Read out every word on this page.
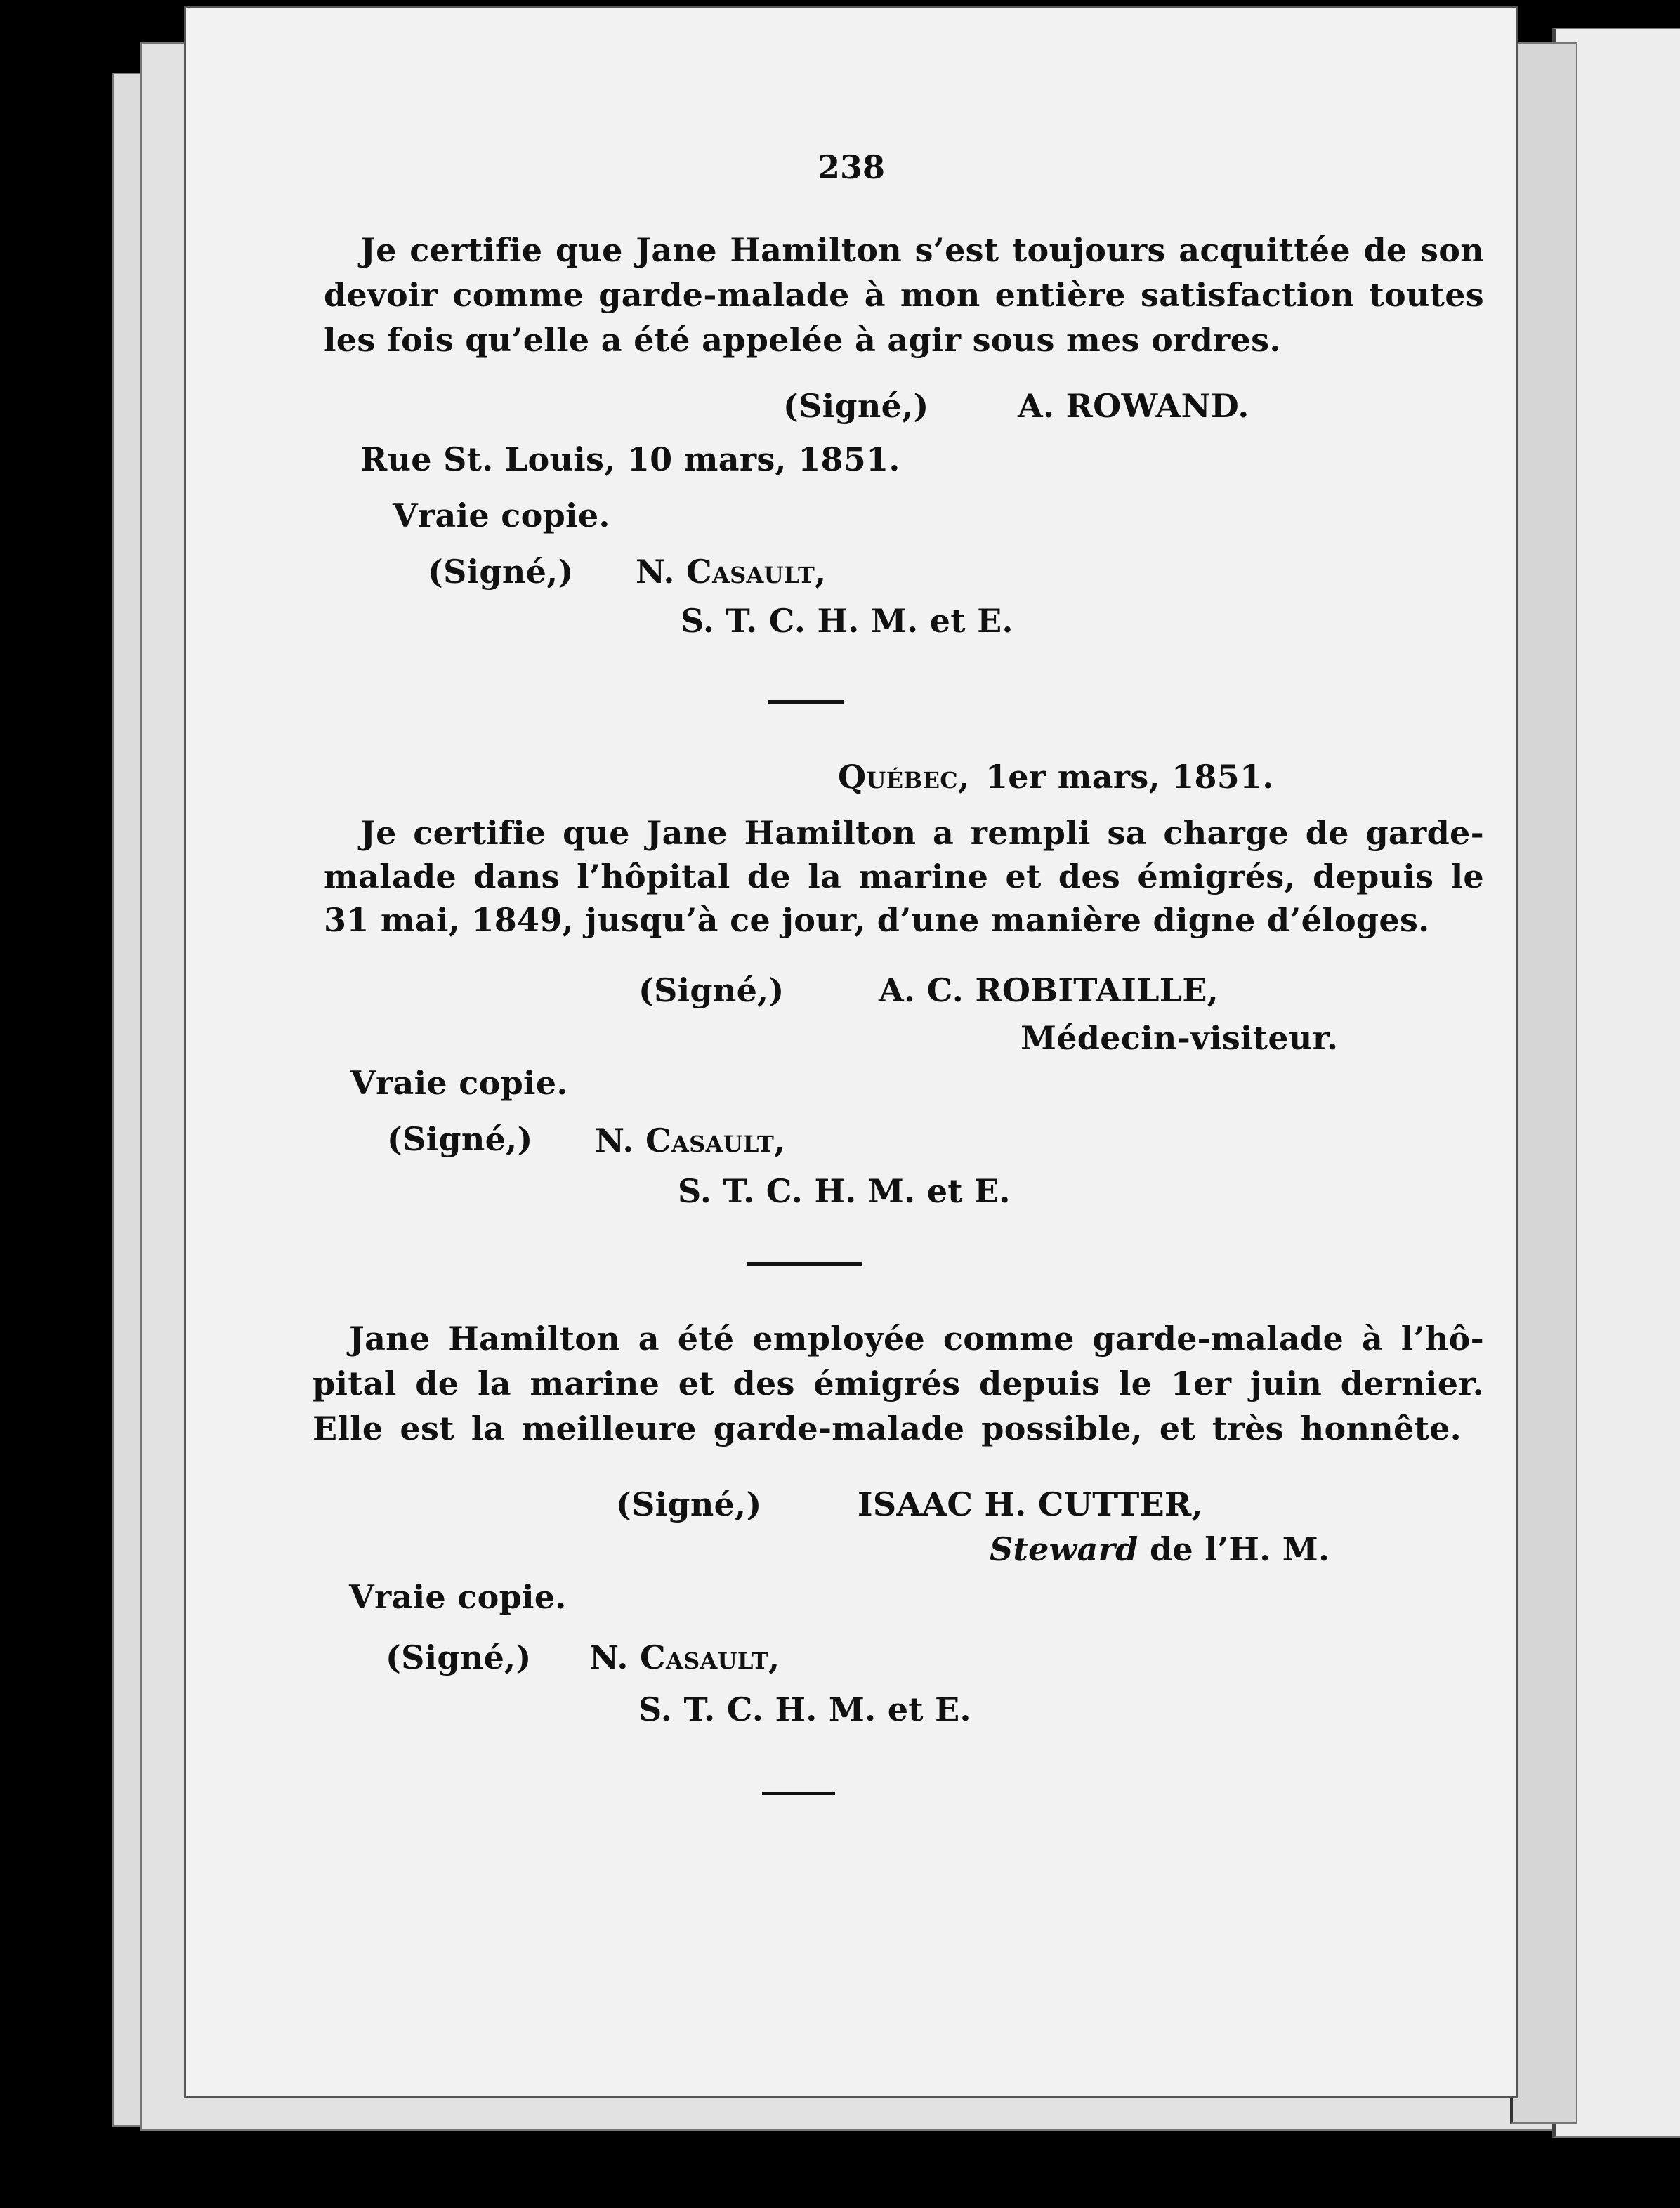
238
Je certifie que Jane Hamilton s’est toujours acquittée de son
devoir comme garde-malade à mon entière satisfaction toutes
les fois qu’elle a été appelée à agir sous mes ordres.
(Signé,)	A. ROWAND.
Rue St. Louis, 10 mars, 1851.
Vraie copie.
(Signé,) N. Casault,
S. T. C. H. M. et E.
Québec, 1er mars, 1851.
Je certifie que Jane Hamilton a rempli sa charge de garde-
malade dans l’hôpital de la marine et des émigrés, depuis le
31 mai, 1849, jusqu’à ce jour, d’une manière digne d’éloges.
(Signé,)	A. C. ROBITAILLE,
Médecin-visiteur.
Vraie copie.
(Signé,) N. Casault,
S. T. C. H. M. et E.
Jane Hamilton a été employée comme garde-malade à l’hô-
pital de la marine et des émigrés depuis le 1er juin dernier.
Elle est la meilleure garde-malade possible, et très honnête.
(Signé,)	ISAAC H. CUTTER,
Steward de l’H. M.
Vraie copie.
(Signé,) N. Casault,
S. T. C. H. M. et E.
